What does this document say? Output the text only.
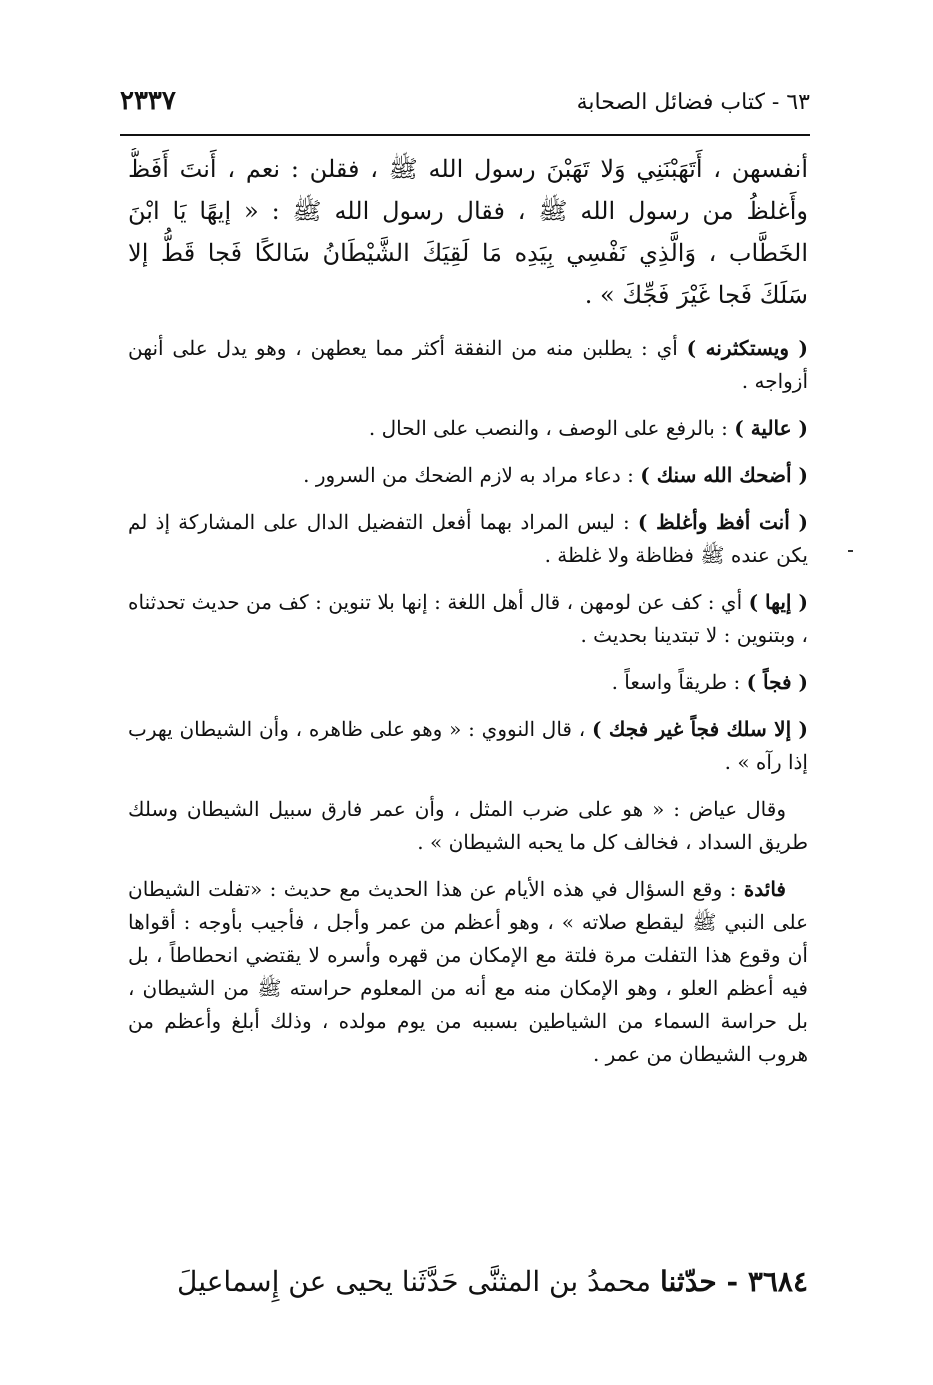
٦٣ - كتاب فضائل الصحابة
٢٣٣٧

أنفسهن ، أَتَهَبْنَنِي وَلا تَهَبْنَ رسول الله ﷺ ، فقلن : نعم ، أَنتَ أَفَظُّ وأَغلظُ من رسول الله ﷺ ، فقال رسول الله ﷺ : « إيهًا يَا ابْنَ الخَطَّاب ، وَالَّذِي نَفْسِي بِيَدِه مَا لَقِيَكَ الشَّيْطَانُ سَالكًا فَجا قَطُّ إلا سَلَكَ فَجا غَيْرَ فَجِّكَ » .

( ويستكثرنه ) أي : يطلبن منه من النفقة أكثر مما يعطهن ، وهو يدل على أنهن أزواجه .

( عالية ) : بالرفع على الوصف ، والنصب على الحال .

( أضحك الله سنك ) : دعاء مراد به لازم الضحك من السرور .

( أنت أفظ وأغلظ ) : ليس المراد بهما أفعل التفضيل الدال على المشاركة إذ لم يكن عنده ﷺ فظاظة ولا غلظة .

( إيها ) أي : كف عن لومهن ، قال أهل اللغة : إنها بلا تنوين : كف من حديث تحدثناه ، وبتنوين : لا تبتدينا بحديث .

( فجاً ) : طريقاً واسعاً .

( إلا سلك فجاً غير فجك ) ، قال النووي : « وهو على ظاهره ، وأن الشيطان يهرب إذا رآه » .

وقال عياض : « هو على ضرب المثل ، وأن عمر فارق سبيل الشيطان وسلك طريق السداد ، فخالف كل ما يحبه الشيطان » .

فائدة : وقع السؤال في هذه الأيام عن هذا الحديث مع حديث : «تفلت الشيطان على النبي ﷺ ليقطع صلاته » ، وهو أعظم من عمر وأجل ، فأجيب بأوجه : أقواها أن وقوع هذا التفلت مرة فلتة مع الإمكان من قهره وأسره لا يقتضي انحطاطاً ، بل فيه أعظم العلو ، وهو الإمكان منه مع أنه من المعلوم حراسته ﷺ من الشيطان ، بل حراسة السماء من الشياطين بسببه من يوم مولده ، وذلك أبلغ وأعظم من هروب الشيطان من عمر .

٣٦٨٤ - حدّثنا محمدُ بن المثنَّى حَدَّثَنا يحيى عن إِسماعيلَ
